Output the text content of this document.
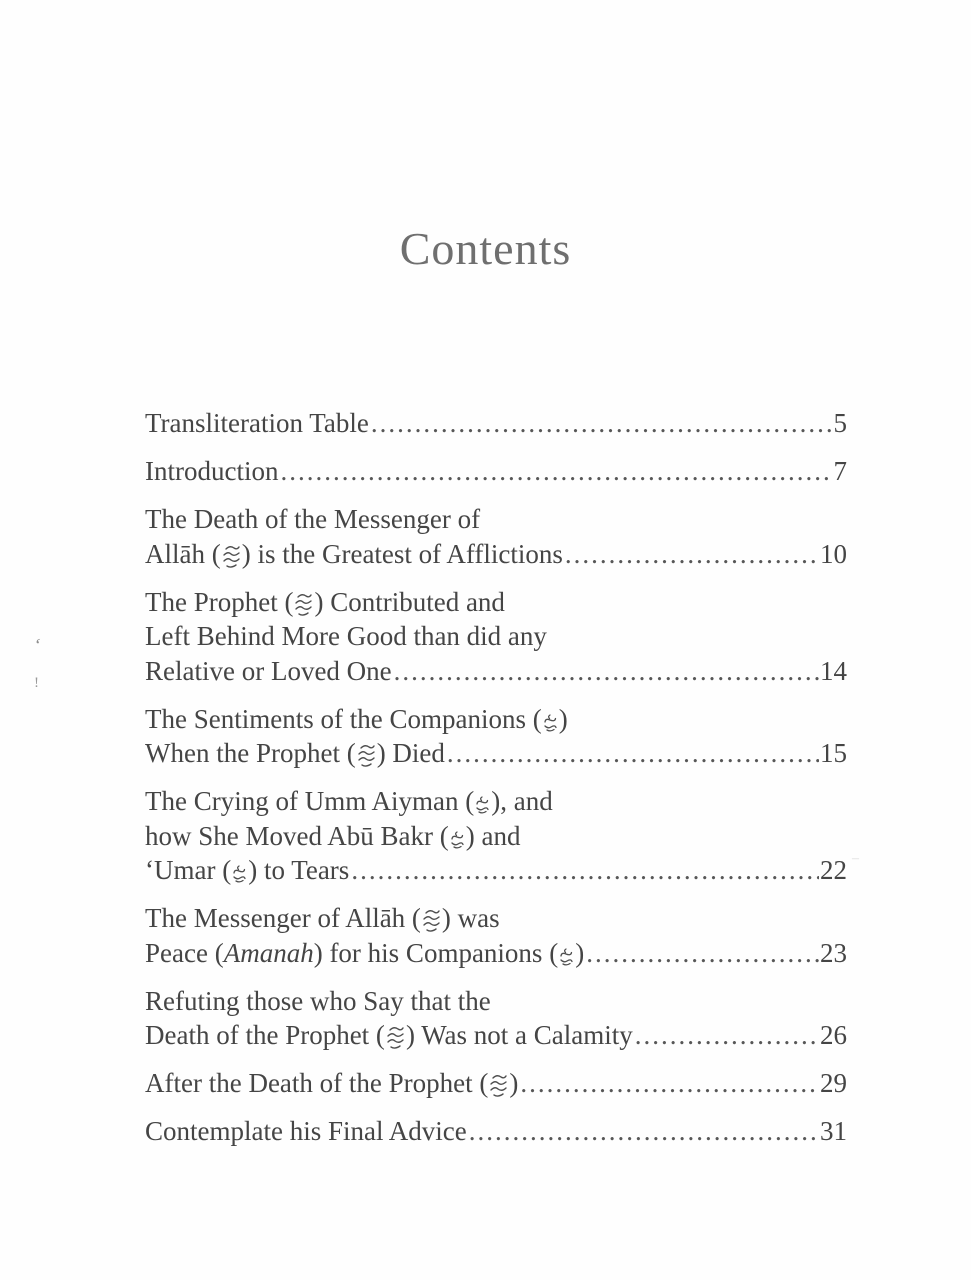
Contents
Transliteration Table .....	5
Introduction .....	7
The Death of the Messenger of
Allāh ( ) is the Greatest of Afflictions .....	10
The Prophet ( ) Contributed and
Left Behind More Good than did any
Relative or Loved One .....	14
The Sentiments of the Companions ( )
When the Prophet ( ) Died .....	15
The Crying of Umm Aiyman ( ), and
how She Moved Abū Bakr ( ) and
‘Umar ( ) to Tears .....	22
The Messenger of Allāh ( ) was
Peace (Amanah) for his Companions ( ) .....	23
Refuting those who Say that the
Death of the Prophet ( ) Was not a Calamity .....	26
After the Death of the Prophet ( ) .....	29
Contemplate his Final Advice .....	31
‘
!
–
